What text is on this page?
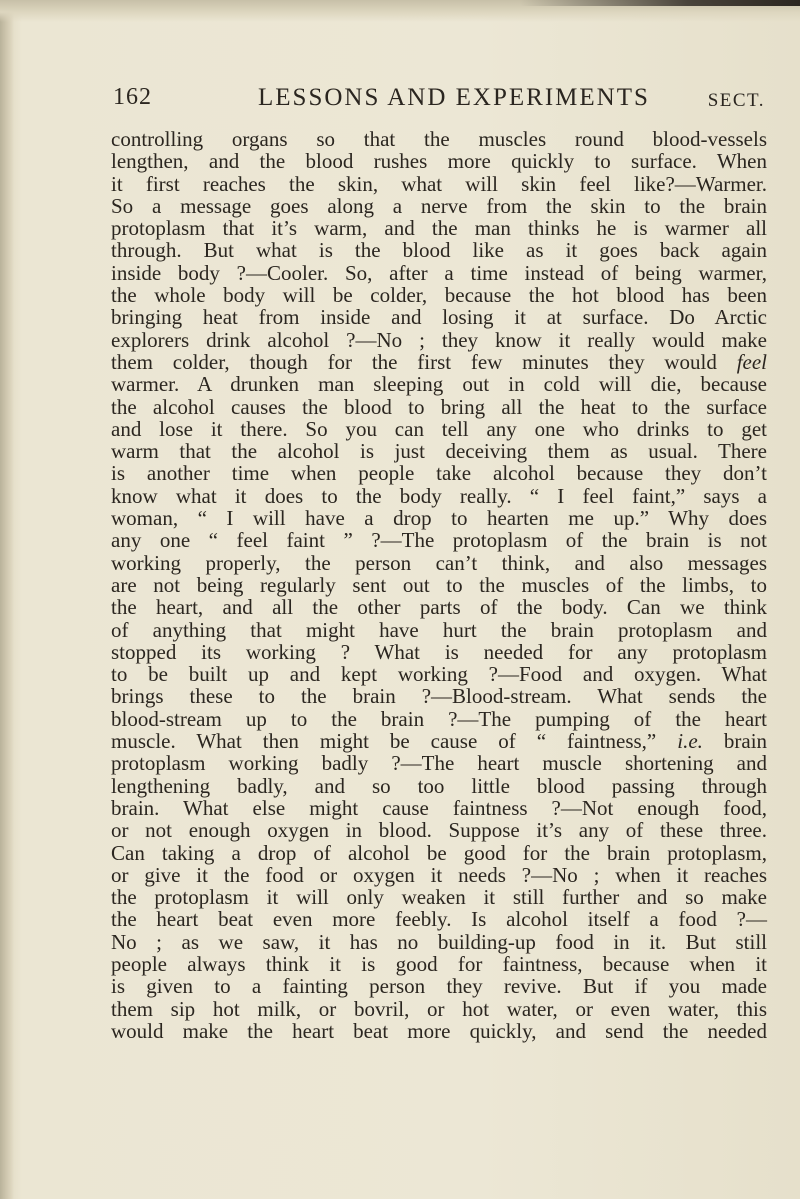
162	LESSONS AND EXPERIMENTS	SECT.
controlling organs so that the muscles round blood-vessels
lengthen, and the blood rushes more quickly to surface. When
it first reaches the skin, what will skin feel like?—Warmer.
So a message goes along a nerve from the skin to the brain
protoplasm that it’s warm, and the man thinks he is warmer all
through. But what is the blood like as it goes back again
inside body ?—Cooler. So, after a time instead of being warmer,
the whole body will be colder, because the hot blood has been
bringing heat from inside and losing it at surface. Do Arctic
explorers drink alcohol ?—No ; they know it really would make
them colder, though for the first few minutes they would feel
warmer. A drunken man sleeping out in cold will die, because
the alcohol causes the blood to bring all the heat to the surface
and lose it there. So you can tell any one who drinks to get
warm that the alcohol is just deceiving them as usual. There
is another time when people take alcohol because they don’t
know what it does to the body really. “ I feel faint,” says a
woman, “ I will have a drop to hearten me up.” Why does
any one “ feel faint ” ?—The protoplasm of the brain is not
working properly, the person can’t think, and also messages
are not being regularly sent out to the muscles of the limbs, to
the heart, and all the other parts of the body. Can we think
of anything that might have hurt the brain protoplasm and
stopped its working ? What is needed for any protoplasm
to be built up and kept working ?—Food and oxygen. What
brings these to the brain ?—Blood-stream. What sends the
blood-stream up to the brain ?—The pumping of the heart
muscle. What then might be cause of “ faintness,” i.e. brain
protoplasm working badly ?—The heart muscle shortening and
lengthening badly, and so too little blood passing through
brain. What else might cause faintness ?—Not enough food,
or not enough oxygen in blood. Suppose it’s any of these three.
Can taking a drop of alcohol be good for the brain protoplasm,
or give it the food or oxygen it needs ?—No ; when it reaches
the protoplasm it will only weaken it still further and so make
the heart beat even more feebly. Is alcohol itself a food ?—
No ; as we saw, it has no building-up food in it. But still
people always think it is good for faintness, because when it
is given to a fainting person they revive. But if you made
them sip hot milk, or bovril, or hot water, or even water, this
would make the heart beat more quickly, and send the needed
